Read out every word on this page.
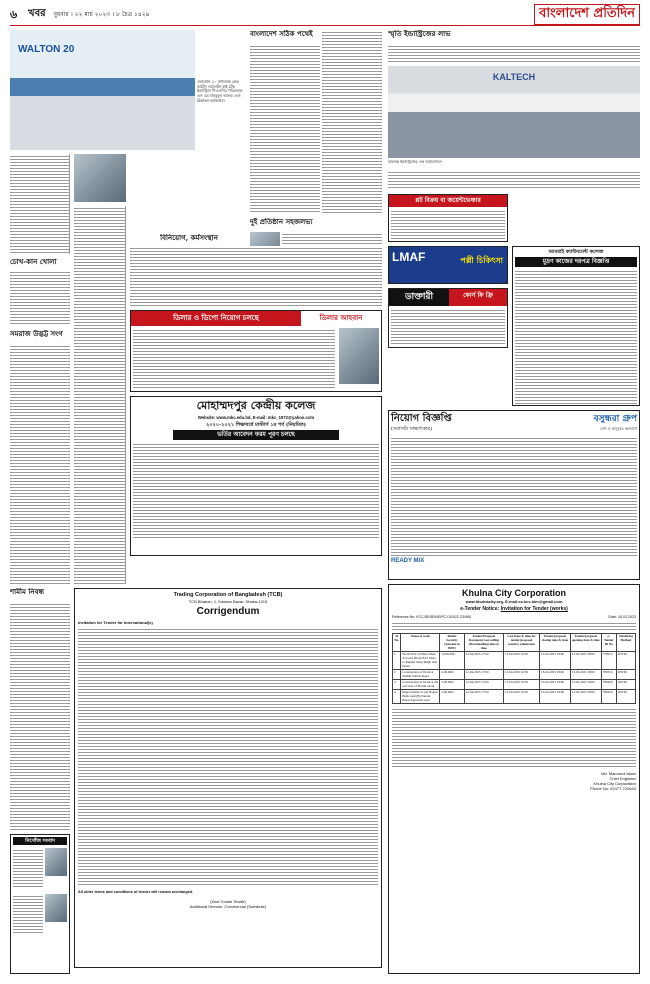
৬	খবর বুধবার । ২২ মার্চ ২০২৩ । ৮ চৈত্র ১৪২৯	বাংলাদেশ প্রতিদিন
WALTON 20
ওয়ালটন ২০ উপলক্ষে কেক কাটেন ওয়ালটন হাই-টেক ইন্ডাস্ট্রিজ পিএলসির পরিচালক এস এম মাহবুবুল আলম এবং ঊর্ধ্বতন কর্মকর্তারা
চোখ-কান খোলা
সমরাজ উদ্ভট্ট সংগ
শামীম নিবন্ধ
নিখোঁজ সংবাদ
বাংলাদেশ সঠিক পথেই
দুই প্রতিষ্ঠান সহজলভ্য
স্মৃতি ইন্ডাস্ট্রিজের লাভ
KALTECH
কাল্টেক ইন্ডাস্ট্রিজের এক আয়োজনে
বিনিয়োগ, কর্মসংস্থান
প্লট বিক্রয় বা জয়েন্টভেঞ্চার
আমরাই ক্যান্টনমেন্ট কলেজ
মুদ্রণ কাজের দরপত্র বিজ্ঞপ্তি
LMAF	পল্লী চিকিৎসা
ডাক্তারী	কোর্স ফি ফ্রি
ডিলার ও ডিপো নিয়োগ চলছে	ডিলার আহবান
মোহাম্মদপুর কেন্দ্রীয় কলেজ
Website: www.mkc.edu.bd, E-mail: mkc_1972@yahoo.com
২০২০-২০২১ শিক্ষাবর্ষে মাস্টার্স ১ম পর্ব (নিয়মিত)
ভর্তির আবেদন ফরম পূরণ চলছে
Trading Corporation of Bangladesh (TCB)
TCB Bhaban, 1, Kawran Bazar, Dhaka-1215
Corrigendum
Invitation for Tender for International(s)
All other terms and conditions of tender will remain unchanged.
(Kazi Golam Tewsif)
Additional Director, Commercial (Subsitute)
নিয়োগ বিজ্ঞপ্তি
(সরাসরি সাক্ষাৎকার)
বসুন্ধরা গ্রুপ
দেশ ও মানুষের কল্যাণে
READY MIX
Khulna City Corporation
www.khulnacity.org, E-mail:cc.kcc.klm@gmail.com
e-Tender Notice: Invitation for Tender (works)
Reference No: KCC/IDSR/WE/PC-D/2022-23/965	Date: 16.03.2023
Sl No.	Name of work	Tender Security (Amount in BDT)	Tender/Proposal Document Last selling (Downloading) date & time	Last Date & time for tender/proposal security submission	Tender/proposal closing date & time	Tender/proposal opening date & time	e-Tender ID No	Tendering Method
1	North Side of Khan Jahan Ali road (From P.T.I More to Rupsha Ghat) Right side Drain	24,00,000/-	12-04-2023 17:00	13-04-2023 16:30	13-04-2023 18:00	13-04-2023 18:00	779974	OSTM
2	Construction of Drain at Shahid Sohrab Road	6,00,000/-	12-04-2023 17:00	13-04-2023 16:30	13-04-2023 18:00	13-04-2023 18:00	780314	OSTM
3	Construction of Drain at the east side of Mollik Sarak	5,00,000/-	12-04-2023 17:00	13-04-2023 16:30	13-04-2023 18:00	13-04-2023 18:00	780428	OSTM
4	Improvement of (A) Hagen Babu road (B) Nurani Bazar Approach road	5,00,000/-	12-04-2023 17:00	13-04-2023 16:30	13-04-2023 18:00	13-04-2023 18:00	780264	OSTM
Md. Mamunul Islam
Chief Engineer
Khulna City Corporation
Phone No: 02477-720643
